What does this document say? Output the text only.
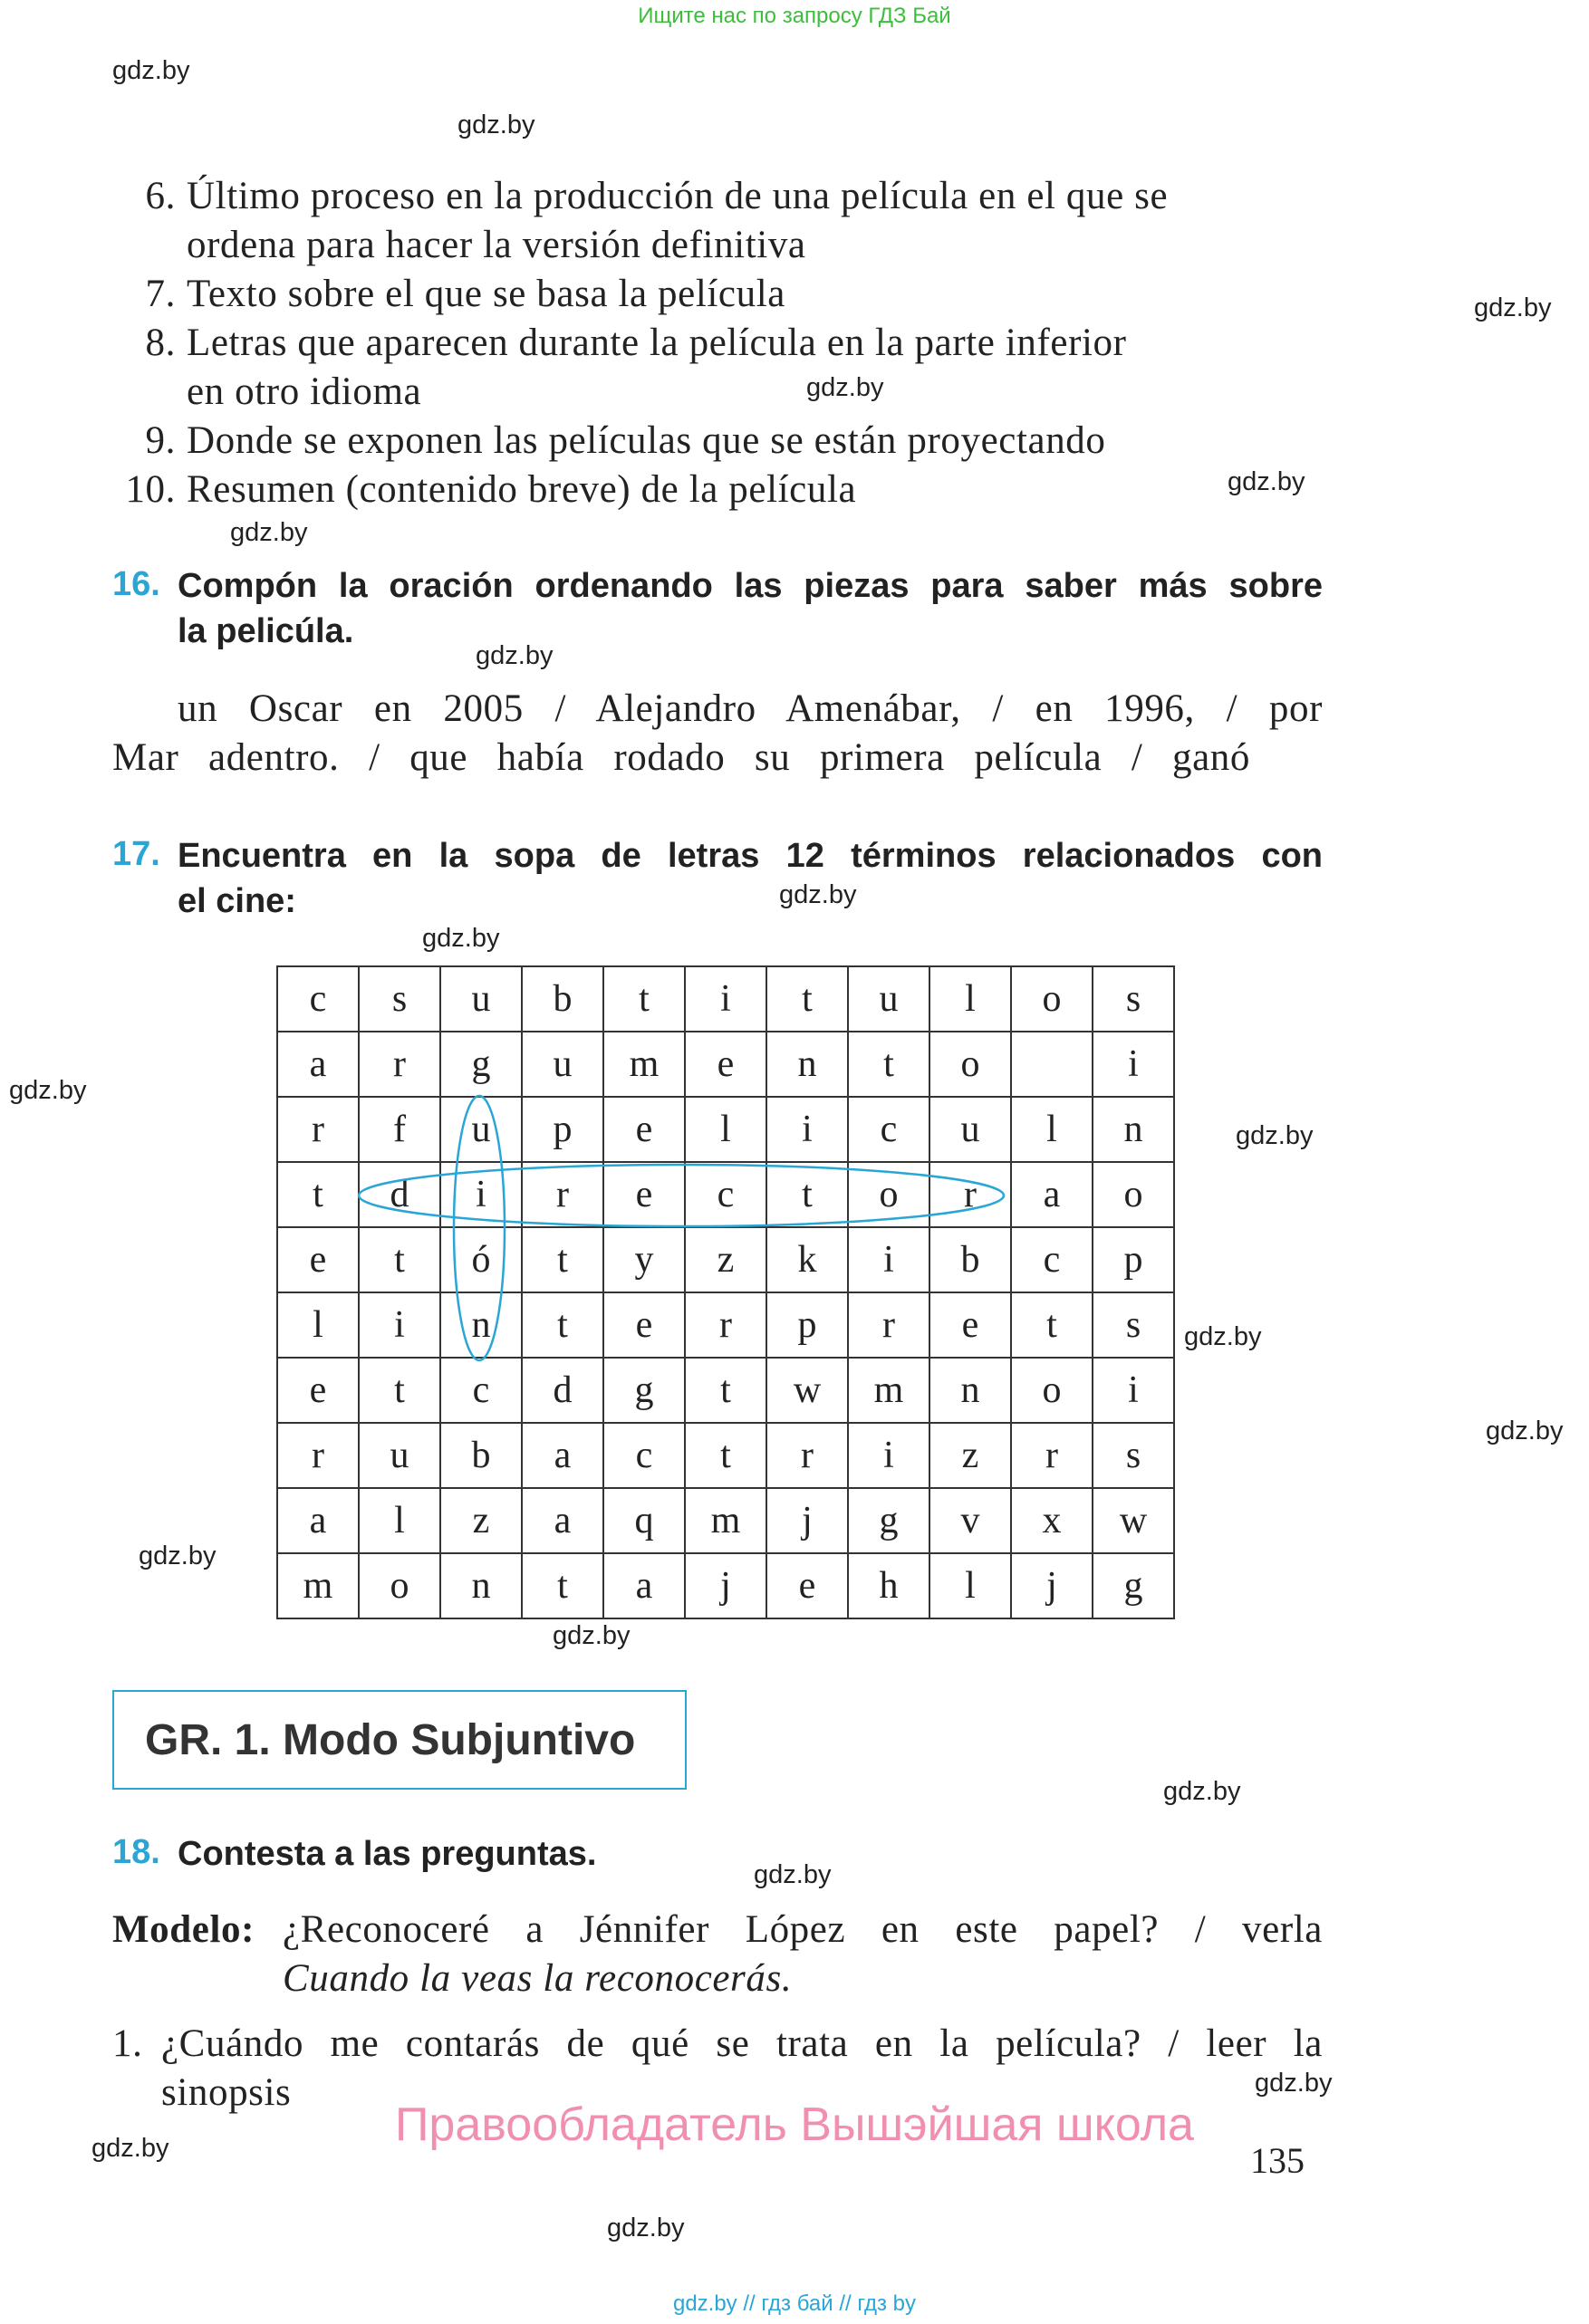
Ищите нас по запросу ГДЗ Бай
gdz.by
gdz.by
gdz.by
gdz.by
gdz.by
gdz.by
gdz.by
gdz.by
gdz.by
gdz.by
gdz.by
gdz.by
gdz.by
gdz.by
gdz.by
gdz.by
gdz.by
gdz.by
gdz.by
gdz.by
6. Último proceso en la producción de una película en el que se
ordena para hacer la versión definitiva
7. Texto sobre el que se basa la película
8. Letras que aparecen durante la película en la parte inferior
en otro idioma
9. Donde se exponen las películas que se están proyectando
10. Resumen (contenido breve) de la película
16. Compón la oración ordenando las piezas para saber más sobre
la pelicúla.
un Oscar en 2005 / Alejandro Amenábar, / en 1996, / por
Mar adentro. / que había rodado su primera película / ganó
17. Encuentra en la sopa de letras 12 términos relacionados con
el cine:
c	s	u	b	t	i	t	u	l	o	s
a	r	g	u	m	e	n	t	o		i
r	f	u	p	e	l	i	c	u	l	n
t	d	i	r	e	c	t	o	r	a	o
e	t	ó	t	y	z	k	i	b	c	p
l	i	n	t	e	r	p	r	e	t	s
e	t	c	d	g	t	w	m	n	o	i
r	u	b	a	c	t	r	i	z	r	s
a	l	z	a	q	m	j	g	v	x	w
m	o	n	t	a	j	e	h	l	j	g
GR. 1. Modo Subjuntivo
18. Contesta a las preguntas.
Modelo: ¿Reconoceré a Jénnifer López en este papel? / verla
Cuando la veas la reconocerás.
1. ¿Cuándo me contarás de qué se trata en la película? / leer la
sinopsis
Правообладатель Вышэйшая школа
135
gdz.by // гдз бай // гдз by
